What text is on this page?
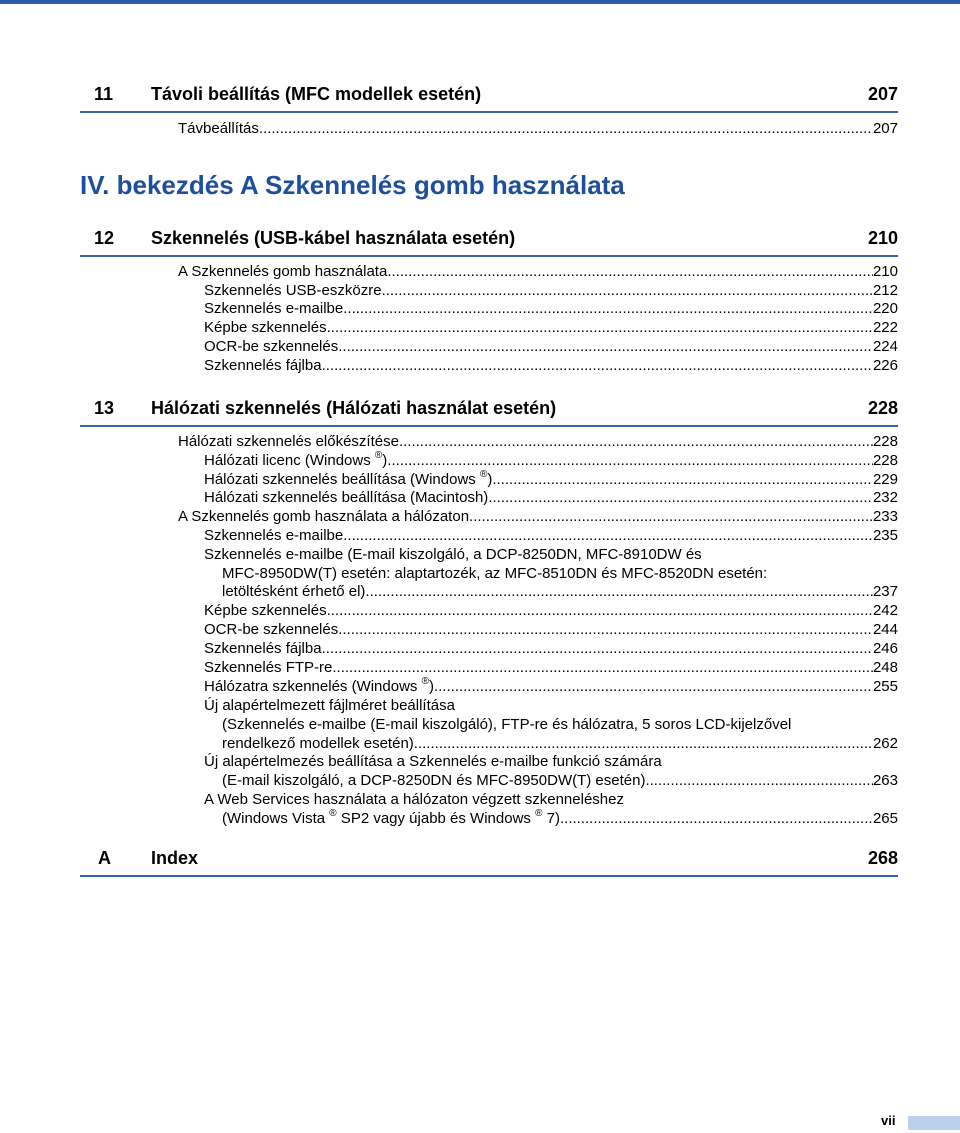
11 Távoli beállítás (MFC modellek esetén)	207
Távbeállítás .....	207
IV. bekezdés A Szkennelés gomb használata
12 Szkennelés (USB-kábel használata esetén)	210
A Szkennelés gomb használata .....	210
Szkennelés USB-eszközre .....	212
Szkennelés e-mailbe .....	220
Képbe szkennelés .....	222
OCR-be szkennelés .....	224
Szkennelés fájlba .....	226
13 Hálózati szkennelés (Hálózati használat esetén)	228
Hálózati szkennelés előkészítése .....	228
Hálózati licenc (Windows ®) .....	228
Hálózati szkennelés beállítása (Windows ®) .....	229
Hálózati szkennelés beállítása (Macintosh) .....	232
A Szkennelés gomb használata a hálózaton .....	233
Szkennelés e-mailbe .....	235
Szkennelés e-mailbe (E-mail kiszolgáló, a DCP-8250DN, MFC-8910DW és
MFC-8950DW(T) esetén: alaptartozék, az MFC-8510DN és MFC-8520DN esetén:
letöltésként érhető el) .....	237
Képbe szkennelés .....	242
OCR-be szkennelés .....	244
Szkennelés fájlba .....	246
Szkennelés FTP-re .....	248
Hálózatra szkennelés (Windows ®) .....	255
Új alapértelmezett fájlméret beállítása
(Szkennelés e-mailbe (E-mail kiszolgáló), FTP-re és hálózatra, 5 soros LCD-kijelzővel
rendelkező modellek esetén) .....	262
Új alapértelmezés beállítása a Szkennelés e-mailbe funkció számára
(E-mail kiszolgáló, a DCP-8250DN és MFC-8950DW(T) esetén) .....	263
A Web Services használata a hálózaton végzett szkenneléshez
(Windows Vista ® SP2 vagy újabb és Windows ® 7) .....	265
A Index	268
vii
